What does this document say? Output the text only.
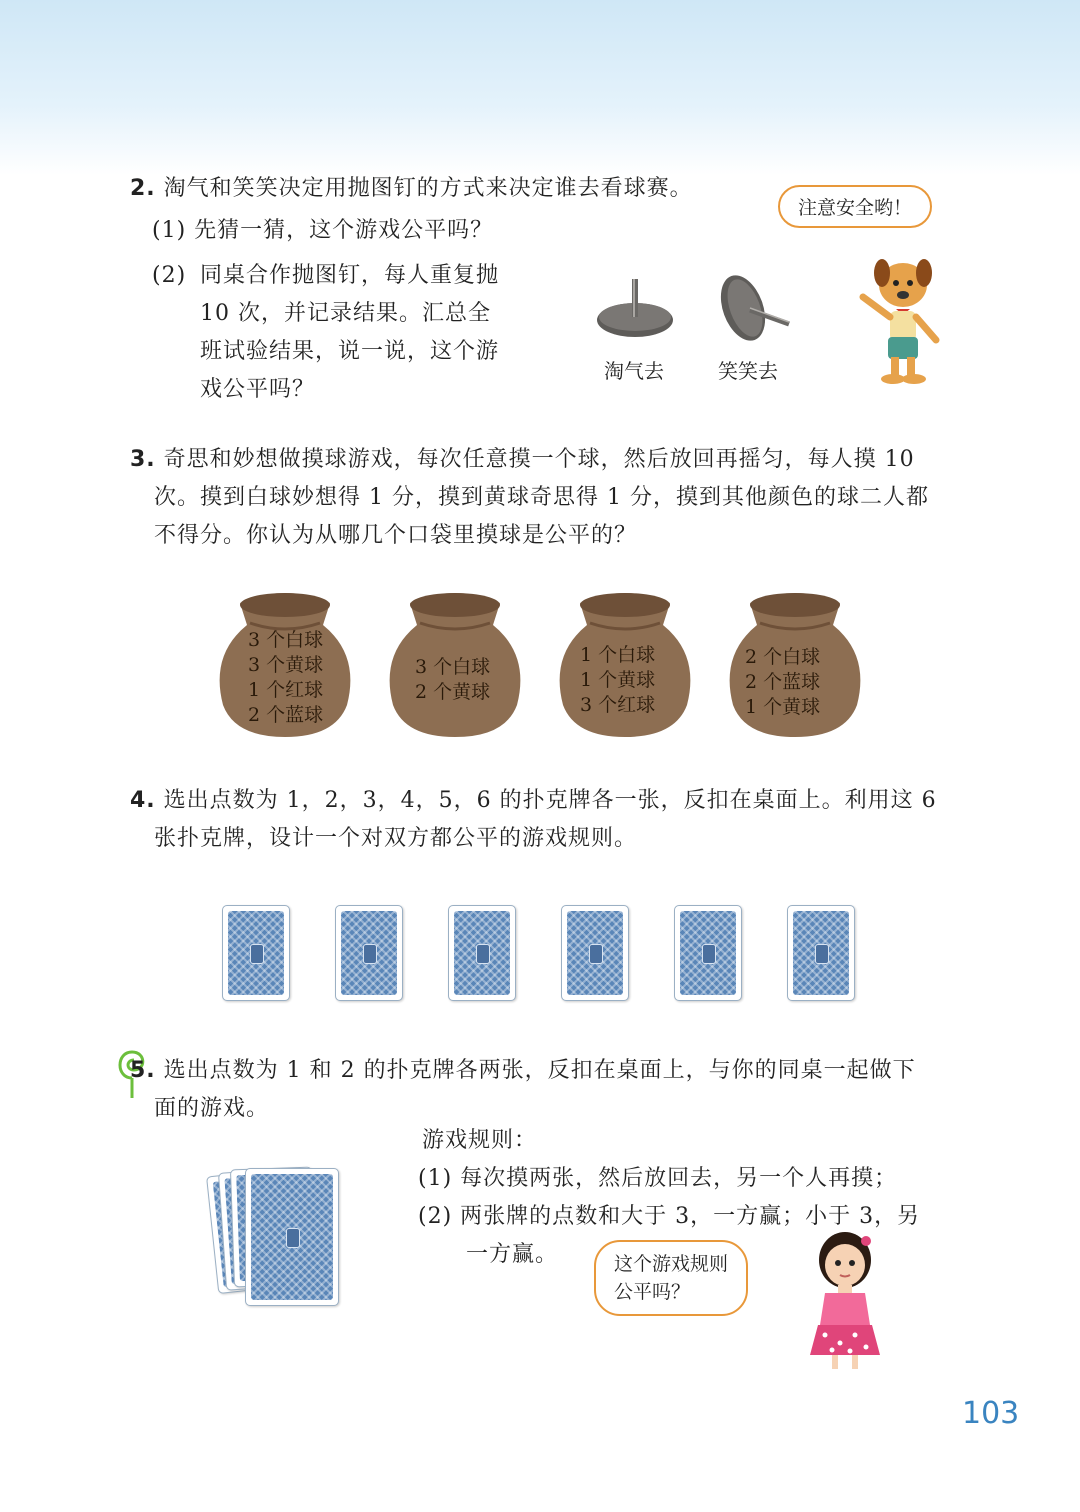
2. 淘气和笑笑决定用抛图钉的方式来决定谁去看球赛。
(1) 先猜一猜，这个游戏公平吗？
(2) 同桌合作抛图钉，每人重复抛
10 次，并记录结果。汇总全
班试验结果，说一说，这个游
戏公平吗？
淘气去	笑笑去
注意安全哟！
3. 奇思和妙想做摸球游戏，每次任意摸一个球，然后放回再摇匀，每人摸 10
次。摸到白球妙想得 1 分，摸到黄球奇思得 1 分，摸到其他颜色的球二人都
不得分。你认为从哪几个口袋里摸球是公平的？
3 个白球
3 个黄球
1 个红球
2 个蓝球
3 个白球
2 个黄球
1 个白球
1 个黄球
3 个红球
2 个白球
2 个蓝球
1 个黄球
4. 选出点数为 1，2，3，4，5，6 的扑克牌各一张，反扣在桌面上。利用这 6
张扑克牌，设计一个对双方都公平的游戏规则。
5. 选出点数为 1 和 2 的扑克牌各两张，反扣在桌面上，与你的同桌一起做下
面的游戏。
游戏规则：
(1) 每次摸两张，然后放回去，另一个人再摸；
(2) 两张牌的点数和大于 3，一方赢；小于 3，另
一方赢。	这个游戏规则
公平吗？
103
